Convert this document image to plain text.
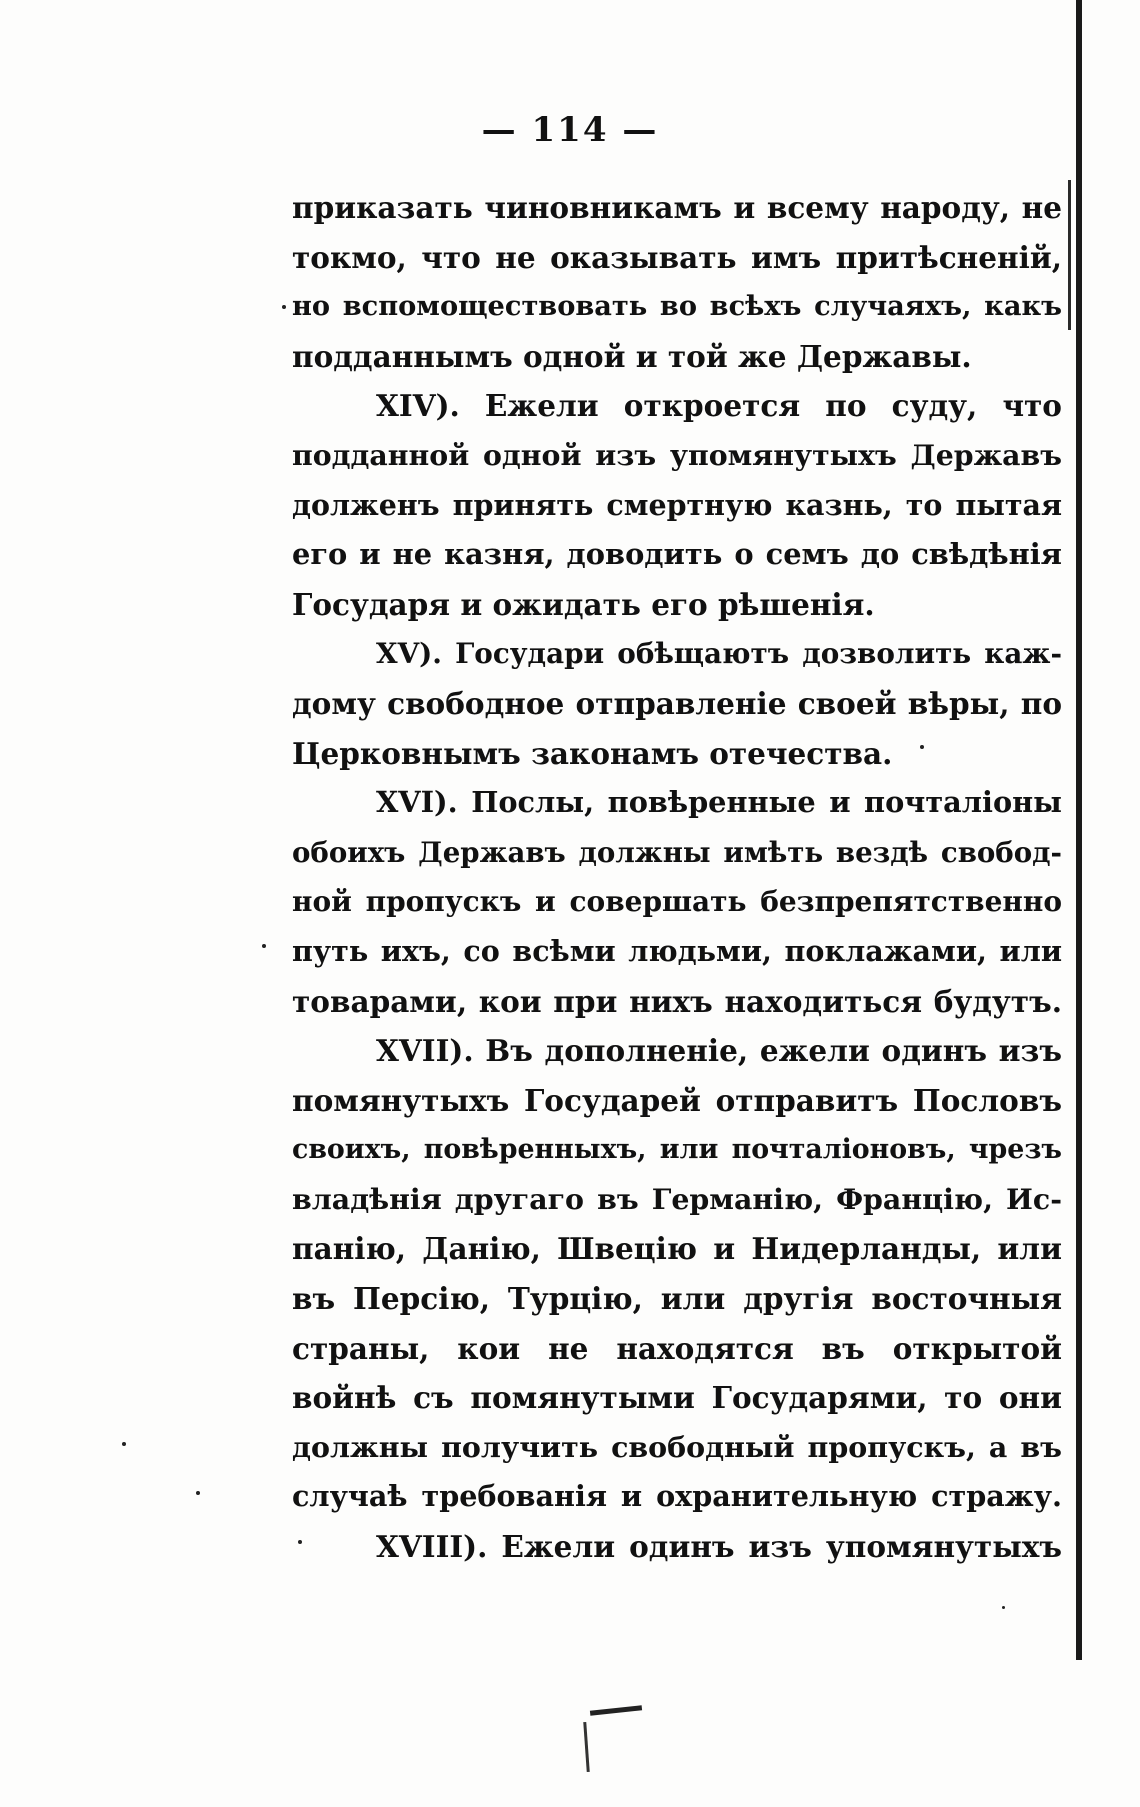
— 114 —
приказать чиновникамъ и всему народу, не
токмо, что не оказывать имъ притѣсненій,
но вспомоществовать во всѣхъ случаяхъ, какъ
подданнымъ одной и той же Державы.
XIV). Ежели откроется по суду, что
подданной одной изъ упомянутыхъ Державъ
долженъ принять смертную казнь, то пытая
его и не казня, доводить о семъ до свѣдѣнія
Государя и ожидать его рѣшенія.
XV). Государи обѣщаютъ дозволить каж-
дому свободное отправленіе своей вѣры, по
Церковнымъ законамъ отечества.
XVI). Послы, повѣренные и почталіоны
обоихъ Державъ должны имѣть вездѣ свобод-
ной пропускъ и совершать безпрепятственно
путь ихъ, со всѣми людьми, поклажами, или
товарами, кои при нихъ находиться будутъ.
XVII). Въ дополненіе, ежели одинъ изъ
помянутыхъ Государей отправитъ Пословъ
своихъ, повѣренныхъ, или почталіоновъ, чрезъ
владѣнія другаго въ Германію, Францію, Ис-
панію, Данію, Швецію и Нидерланды, или
въ Персію, Турцію, или другія восточныя
страны, кои не находятся въ открытой
войнѣ съ помянутыми Государями, то они
должны получить свободный пропускъ, а въ
случаѣ требованія и охранительную стражу.
XVIII). Ежели одинъ изъ упомянутыхъ
